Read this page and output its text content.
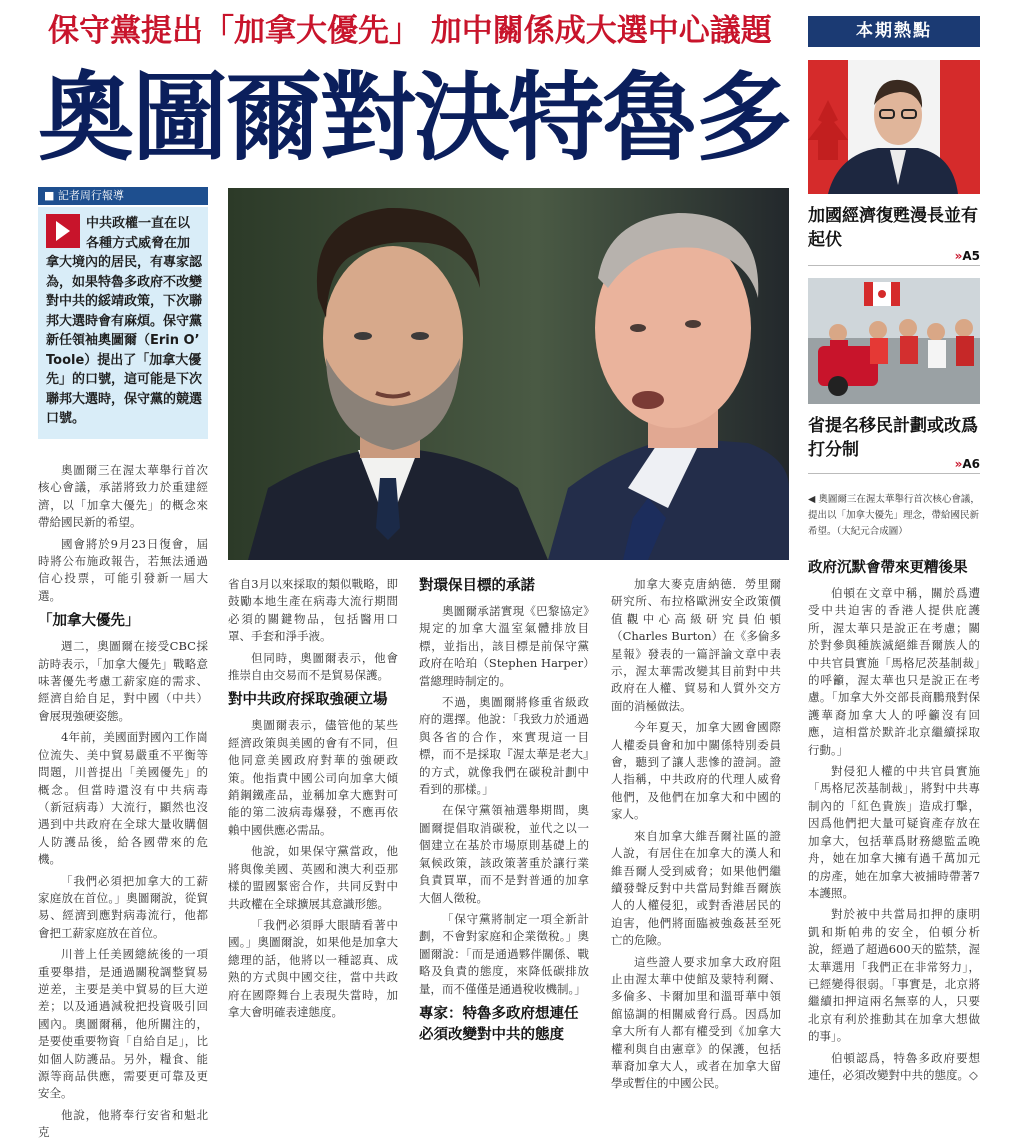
保守黨提出「加拿大優先」 加中關係成大選中心議題
奧圖爾對決特魯多
■ 記者周行報導
中共政權一直在以各種方式威脅在加拿大境內的居民，有專家認為，如果特魯多政府不改變對中共的綏靖政策，下次聯邦大選時會有麻煩。保守黨新任領袖奧圖爾（Erin O’ Toole）提出了「加拿大優先」的口號，這可能是下次聯邦大選時，保守黨的競選口號。
◀ 奧圖爾三在渥太華舉行首次核心會議，提出以「加拿大優先」理念，帶給國民新希望。（大紀元合成圖）
本期熱點
加國經濟復甦漫長並有起伏
»A5
省提名移民計劃或改爲打分制
»A6

奧圖爾三在渥太華舉行首次核心會議，承諾將致力於重建經濟，以「加拿大優先」的概念來帶給國民新的希望。

國會將於9月23日復會，屆時將公布施政報告，若無法通過信心投票，可能引發新一屆大選。

「加拿大優先」

週二，奧圖爾在接受CBC採訪時表示，「加拿大優先」戰略意味著優先考慮工薪家庭的需求、經濟自給自足，對中國（中共）會展現強硬姿態。

4年前，美國面對國內工作崗位流失、美中貿易嚴重不平衡等問題，川普提出「美國優先」的概念。但當時還沒有中共病毒（新冠病毒）大流行，顯然也沒遇到中共政府在全球大量收購個人防護品後，給各國帶來的危機。

「我們必須把加拿大的工薪家庭放在首位。」奧圖爾說，從貿易、經濟到應對病毒流行，他都會把工薪家庭放在首位。

川普上任美國總統後的一項重要舉措，是通過關稅調整貿易逆差，主要是美中貿易的巨大逆差；以及通過減稅把投資吸引回國內。奧圖爾稱，他所關注的，是要使重要物資「自給自足」，比如個人防護品。另外，糧食、能源等商品供應，需要更可靠及更安全。

他說，他將奉行安省和魁北克

省自3月以來採取的類似戰略，即鼓勵本地生產在病毒大流行期間必須的關鍵物品，包括醫用口罩、手套和淨手液。

但同時，奧圖爾表示，他會推崇自由交易而不是貿易保護。

對中共政府採取強硬立場

奧圖爾表示，儘管他的某些經濟政策與美國的會有不同，但他同意美國政府對華的強硬政策。他指責中國公司向加拿大傾銷鋼鐵產品，並稱加拿大應對可能的第二波病毒爆發，不應再依賴中國供應必需品。

他說，如果保守黨當政，他將與像美國、英國和澳大利亞那樣的盟國緊密合作，共同反對中共政權在全球擴展其意識形態。

「我們必須睜大眼睛看著中國。」奧圖爾說，如果他是加拿大總理的話，他將以一種認真、成熟的方式與中國交往，當中共政府在國際舞台上表現失當時，加拿大會明確表達態度。

對環保目標的承諾

奧圖爾承諾實現《巴黎協定》規定的加拿大溫室氣體排放目標，並指出，該目標是前保守黨政府在哈珀（Stephen Harper）當總理時制定的。

不過，奧圖爾將修重省級政府的選擇。他說：「我致力於通過與各省的合作，來實現這一目標，而不是採取『渥太華是老大』的方式，就像我們在碳稅計劃中看到的那樣。」

在保守黨領袖選舉期間，奧圖爾提倡取消碳稅，並代之以一個建立在基於市場原則基礎上的氣候政策，該政策著重於讓行業負責買單，而不是對普通的加拿大個人徵稅。

「保守黨將制定一項全新計劃，不會對家庭和企業徵稅。」奧圖爾說：「而是通過夥伴關係、戰略及負責的態度，來降低碳排放量，而不僅僅是通過稅收機制。」

專家：特魯多政府想連任必須改變對中共的態度

加拿大麥克唐納德．勞里爾研究所、布拉格歐洲安全政策價值觀中心高級研究員伯頓（Charles Burton）在《多倫多星報》發表的一篇評論文章中表示，渥太華需改變其目前對中共政府在人權、貿易和人質外交方面的消極做法。

今年夏天，加拿大國會國際人權委員會和加中關係特別委員會，聽到了讓人悲慘的證詞。證人指稱，中共政府的代理人威脅他們，及他們在加拿大和中國的家人。

來自加拿大維吾爾社區的證人說，有居住在加拿大的漢人和維吾爾人受到威脅；如果他們繼續發聲反對中共當局對維吾爾族人的人權侵犯，或對香港居民的迫害，他們將面臨被強姦甚至死亡的危險。

這些證人要求加拿大政府阻止由渥太華中使館及蒙特利爾、多倫多、卡爾加里和溫哥華中領館協調的相關威脅行爲。因爲加拿大所有人都有權受到《加拿大權利與自由憲章》的保護，包括華裔加拿大人，或者在加拿大留學或暫住的中國公民。

政府沉默會帶來更糟後果

伯頓在文章中稱，關於爲遭受中共迫害的香港人提供庇護所，渥太華只是說正在考慮；關於對參與種族滅絕維吾爾族人的中共官員實施「馬格尼茨基制裁」的呼籲，渥太華也只是說正在考慮。「加拿大外交部長商鵬飛對保護華裔加拿大人的呼籲沒有回應，這相當於默許北京繼續採取行動。」

對侵犯人權的中共官員實施「馬格尼茨基制裁」，將對中共專制內的「紅色貴族」造成打擊，因爲他們把大量可疑資產存放在加拿大，包括華爲財務總監孟晚舟，她在加拿大擁有過千萬加元的房產，她在加拿大被捕時帶著7本護照。

對於被中共當局扣押的康明凱和斯帕弗的安全，伯頓分析說，經過了超過600天的監禁，渥太華選用「我們正在非常努力」，已經變得很弱。「事實是，北京將繼續扣押這兩名無辜的人，只要北京有利於推動其在加拿大想做的事」。

伯頓認爲，特魯多政府要想連任，必須改變對中共的態度。◇
